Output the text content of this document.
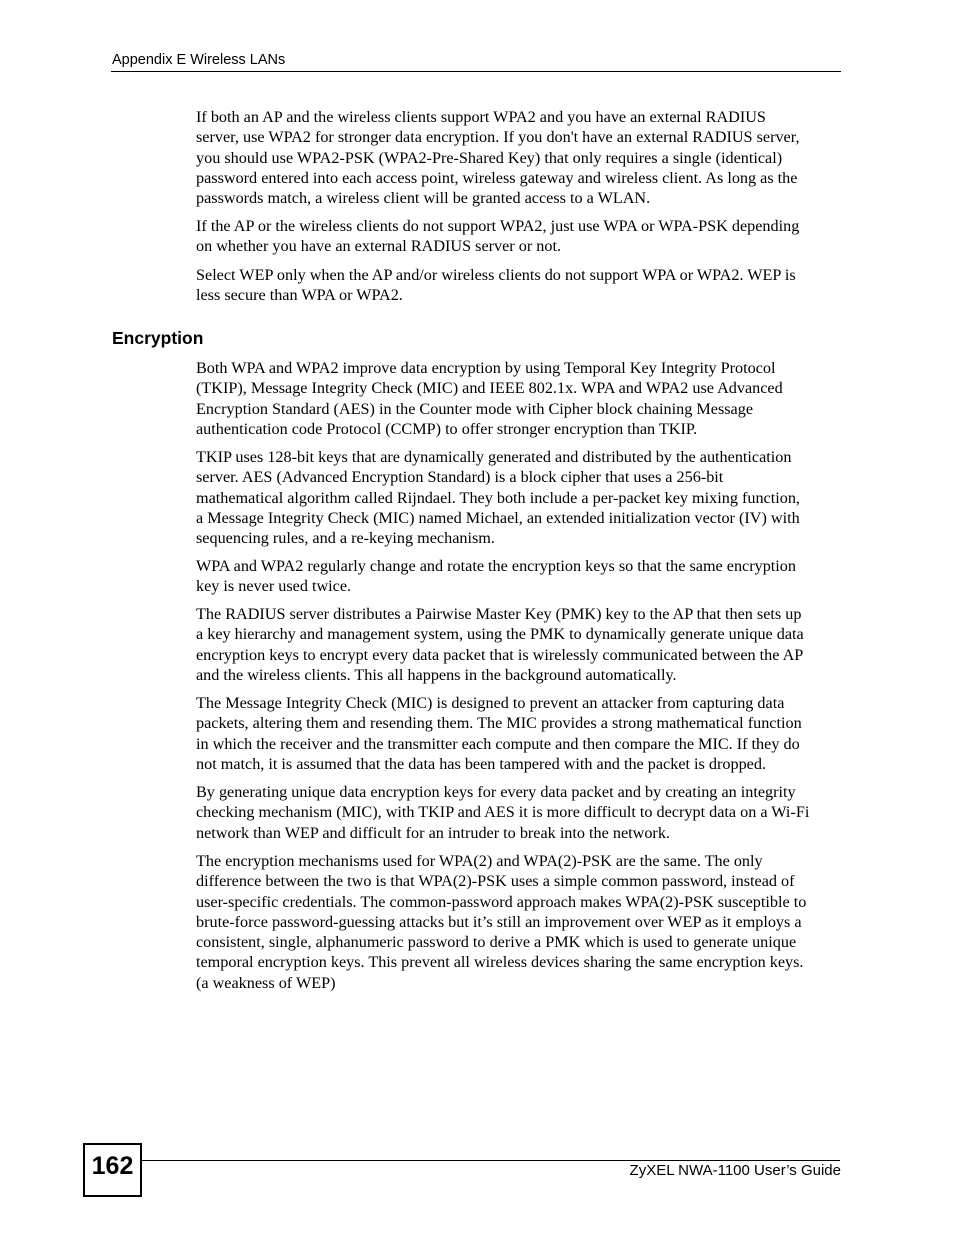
Appendix E Wireless LANs

If both an AP and the wireless clients support WPA2 and you have an external RADIUS
server, use WPA2 for stronger data encryption. If you don't have an external RADIUS server,
you should use WPA2-PSK (WPA2-Pre-Shared Key) that only requires a single (identical)
password entered into each access point, wireless gateway and wireless client. As long as the
passwords match, a wireless client will be granted access to a WLAN.

If the AP or the wireless clients do not support WPA2, just use WPA or WPA-PSK depending
on whether you have an external RADIUS server or not.

Select WEP only when the AP and/or wireless clients do not support WPA or WPA2. WEP is
less secure than WPA or WPA2.

Encryption

Both WPA and WPA2 improve data encryption by using Temporal Key Integrity Protocol
(TKIP), Message Integrity Check (MIC) and IEEE 802.1x. WPA and WPA2 use Advanced
Encryption Standard (AES) in the Counter mode with Cipher block chaining Message
authentication code Protocol (CCMP) to offer stronger encryption than TKIP.

TKIP uses 128-bit keys that are dynamically generated and distributed by the authentication
server. AES (Advanced Encryption Standard) is a block cipher that uses a 256-bit
mathematical algorithm called Rijndael. They both include a per-packet key mixing function,
a Message Integrity Check (MIC) named Michael, an extended initialization vector (IV) with
sequencing rules, and a re-keying mechanism.

WPA and WPA2 regularly change and rotate the encryption keys so that the same encryption
key is never used twice.

The RADIUS server distributes a Pairwise Master Key (PMK) key to the AP that then sets up
a key hierarchy and management system, using the PMK to dynamically generate unique data
encryption keys to encrypt every data packet that is wirelessly communicated between the AP
and the wireless clients. This all happens in the background automatically.

The Message Integrity Check (MIC) is designed to prevent an attacker from capturing data
packets, altering them and resending them. The MIC provides a strong mathematical function
in which the receiver and the transmitter each compute and then compare the MIC. If they do
not match, it is assumed that the data has been tampered with and the packet is dropped.

By generating unique data encryption keys for every data packet and by creating an integrity
checking mechanism (MIC), with TKIP and AES it is more difficult to decrypt data on a Wi-Fi
network than WEP and difficult for an intruder to break into the network.

The encryption mechanisms used for WPA(2) and WPA(2)-PSK are the same. The only
difference between the two is that WPA(2)-PSK uses a simple common password, instead of
user-specific credentials. The common-password approach makes WPA(2)-PSK susceptible to
brute-force password-guessing attacks but it’s still an improvement over WEP as it employs a
consistent, single, alphanumeric password to derive a PMK which is used to generate unique
temporal encryption keys. This prevent all wireless devices sharing the same encryption keys.
(a weakness of WEP)

162	ZyXEL NWA-1100 User’s Guide
